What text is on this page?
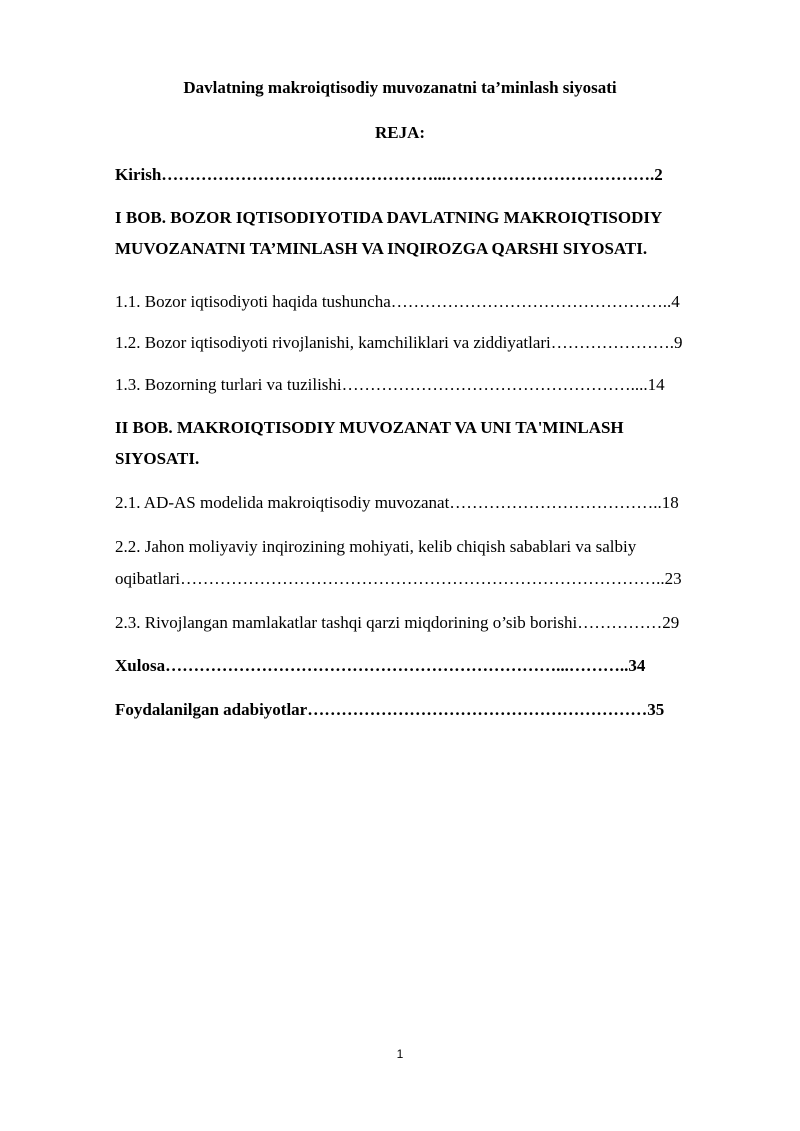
Davlatning makroiqtisodiy muvozanatni ta’minlash siyosati
REJA:

Kirish…………………………………………...……………………………….2

I BOB. BOZOR IQTISODIYOTIDA DAVLATNING MAKROIQTISODIY
MUVOZANATNI TA’MINLASH VA INQIROZGA QARSHI SIYOSATI.

1.1. Bozor iqtisodiyoti haqida tushuncha…………………………………………..4

1.2. Bozor iqtisodiyoti rivojlanishi, kamchiliklari va ziddiyatlari………………….9

1.3. Bozorning turlari va tuzilishi……………………………………………....14

II BOB. MAKROIQTISODIY MUVOZANAT VA UNI TA'MINLASH
SIYOSATI.

2.1. AD-AS modelida makroiqtisodiy muvozanat………………………………..18

2.2. Jahon moliyaviy inqirozining mohiyati, kelib chiqish sabablari va salbiy

oqibatlari…………………………………………………………………………..23

2.3. Rivojlangan mamlakatlar tashqi qarzi miqdorining o’sib borishi……………29

Xulosa……………………………………………………………...………..34

Foydalanilgan adabiyotlar……………………………………………………35

1
